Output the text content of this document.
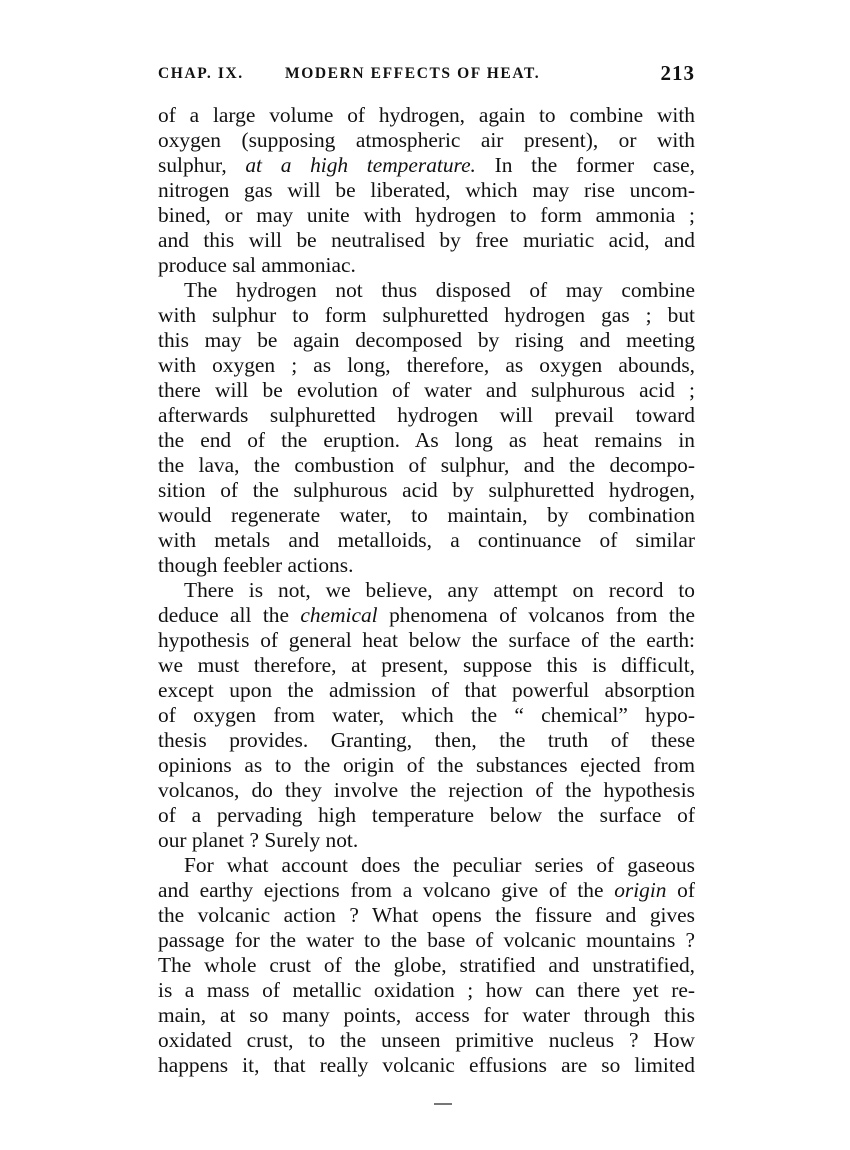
CHAP. IX.	MODERN EFFECTS OF HEAT.	213
of a large volume of hydrogen, again to combine with
oxygen (supposing atmospheric air present), or with
sulphur, at a high temperature. In the former case,
nitrogen gas will be liberated, which may rise uncom-
bined, or may unite with hydrogen to form ammonia ;
and this will be neutralised by free muriatic acid, and
produce sal ammoniac.
The hydrogen not thus disposed of may combine
with sulphur to form sulphuretted hydrogen gas ; but
this may be again decomposed by rising and meeting
with oxygen ; as long, therefore, as oxygen abounds,
there will be evolution of water and sulphurous acid ;
afterwards sulphuretted hydrogen will prevail toward
the end of the eruption. As long as heat remains in
the lava, the combustion of sulphur, and the decompo-
sition of the sulphurous acid by sulphuretted hydrogen,
would regenerate water, to maintain, by combination
with metals and metalloids, a continuance of similar
though feebler actions.
There is not, we believe, any attempt on record to
deduce all the chemical phenomena of volcanos from the
hypothesis of general heat below the surface of the earth:
we must therefore, at present, suppose this is difficult,
except upon the admission of that powerful absorption
of oxygen from water, which the “ chemical” hypo-
thesis provides. Granting, then, the truth of these
opinions as to the origin of the substances ejected from
volcanos, do they involve the rejection of the hypothesis
of a pervading high temperature below the surface of
our planet ? Surely not.
For what account does the peculiar series of gaseous
and earthy ejections from a volcano give of the origin of
the volcanic action ? What opens the fissure and gives
passage for the water to the base of volcanic mountains ?
The whole crust of the globe, stratified and unstratified,
is a mass of metallic oxidation ; how can there yet re-
main, at so many points, access for water through this
oxidated crust, to the unseen primitive nucleus ? How
happens it, that really volcanic effusions are so limited
